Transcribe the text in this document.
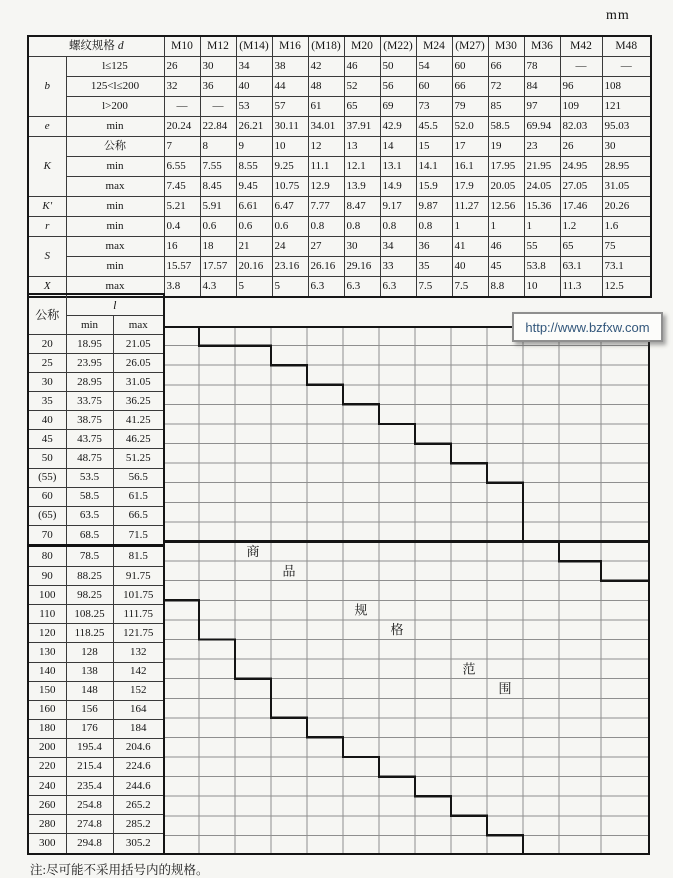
mm
螺纹规格 d		M10	M12	(M14)	M16	(M18)	M20	(M22)	M24	(M27)	M30	M36	M42	M48
b	l≤125	26	30	34	38	42	46	50	54	60	66	78	—	—
	125<l≤200	32	36	40	44	48	52	56	60	66	72	84	96	108
	l>200	—	—	53	57	61	65	69	73	79	85	97	109	121
e	min	20.24	22.84	26.21	30.11	34.01	37.91	42.9	45.5	52.0	58.5	69.94	82.03	95.03
K	公称	7	8	9	10	12	13	14	15	17	19	23	26	30
	min	6.55	7.55	8.55	9.25	11.1	12.1	13.1	14.1	16.1	17.95	21.95	24.95	28.95
	max	7.45	8.45	9.45	10.75	12.9	13.9	14.9	15.9	17.9	20.05	24.05	27.05	31.05
K′	min	5.21	5.91	6.61	6.47	7.77	8.47	9.17	9.87	11.27	12.56	15.36	17.46	20.26
r	min	0.4	0.6	0.6	0.6	0.8	0.8	0.8	0.8	1	1	1	1.2	1.6
S	max	16	18	21	24	27	30	34	36	41	46	55	65	75
	min	15.57	17.57	20.16	23.16	26.16	29.16	33	35	40	45	53.8	63.1	73.1
X	max	3.8	4.3	5	5	6.3	6.3	6.3	7.5	7.5	8.8	10	11.3	12.5
公称	l	
	min	max
20	18.95	21.05
25	23.95	26.05
30	28.95	31.05
35	33.75	36.25
40	38.75	41.25
45	43.75	46.25
50	48.75	51.25
(55)	53.5	56.5
60	58.5	61.5
(65)	63.5	66.5
70	68.5	71.5
80	78.5	81.5
90	88.25	91.75
100	98.25	101.75
110	108.25	111.75
120	118.25	121.75
130	128	132
140	138	142
150	148	152
160	156	164
180	176	184
200	195.4	204.6
220	215.4	224.6
240	235.4	244.6
260	254.8	265.2
280	274.8	285.2
300	294.8	305.2
商
品
规
格
范
围
http://www.bzfxw.com
注:尽可能不采用括号内的规格。
